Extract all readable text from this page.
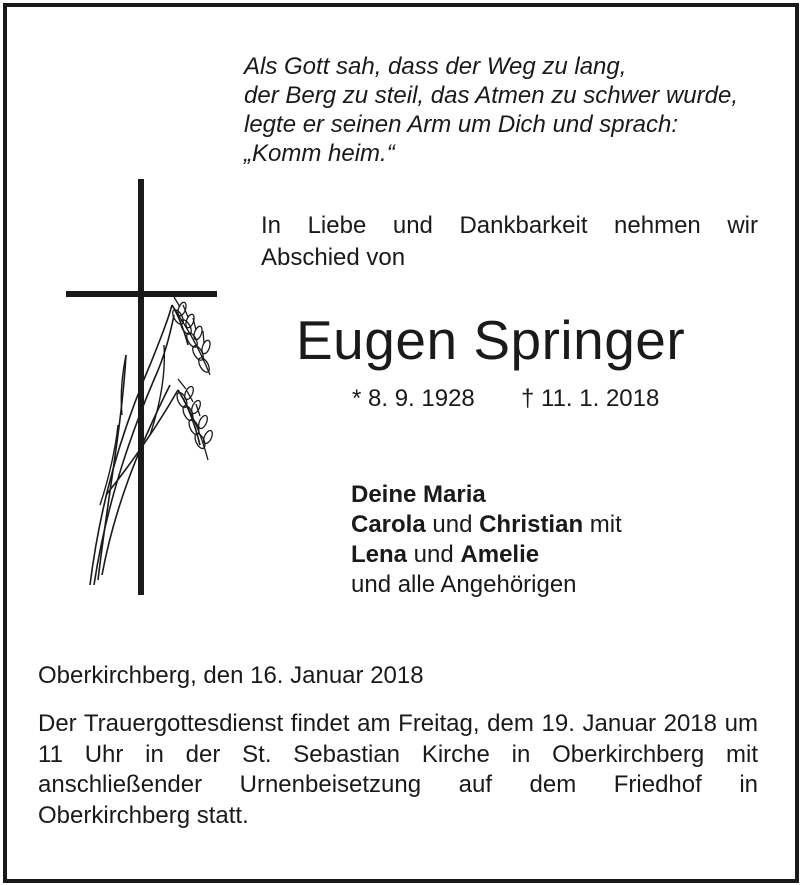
Als Gott sah, dass der Weg zu lang,
der Berg zu steil, das Atmen zu schwer wurde,
legte er seinen Arm um Dich und sprach:
„Komm heim.“
In Liebe und Dankbarkeit nehmen wir
Abschied von
Eugen Springer
* 8. 9. 1928 † 11. 1. 2018
Deine Maria
Carola und Christian mit
Lena und Amelie
und alle Angehörigen
Oberkirchberg, den 16. Januar 2018
Der Trauergottesdienst findet am Freitag, dem 19. Januar 2018 um 11 Uhr in der St. Sebastian Kirche in Oberkirchberg mit anschließender Urnenbeisetzung auf dem Friedhof in Oberkirchberg statt.
